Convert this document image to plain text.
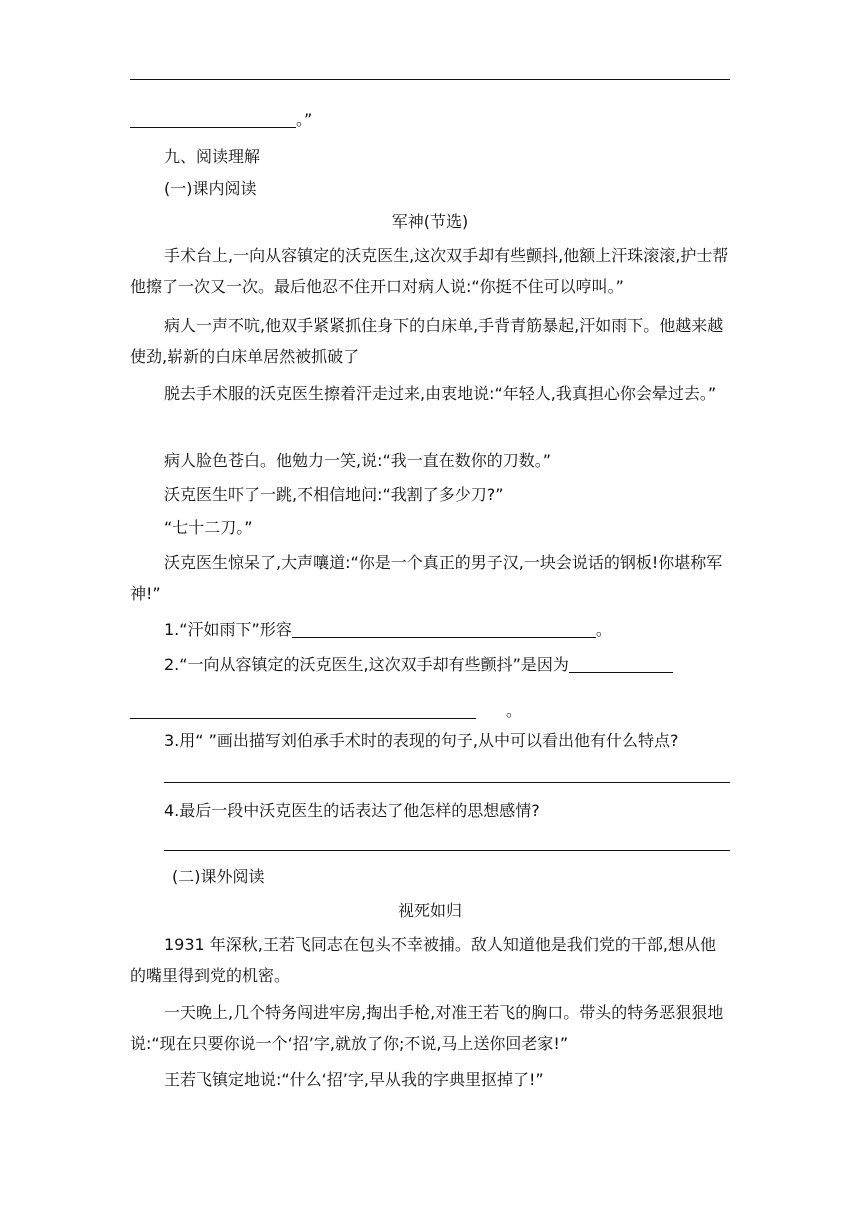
。”
九、阅读理解
(一)课内阅读
军神(节选)
手术台上,一向从容镇定的沃克医生,这次双手却有些颤抖,他额上汗珠滚滚,护士帮他擦了一次又一次。最后他忍不住开口对病人说:“你挺不住可以哼叫。”
病人一声不吭,他双手紧紧抓住身下的白床单,手背青筋暴起,汗如雨下。他越来越使劲,崭新的白床单居然被抓破了
脱去手术服的沃克医生擦着汗走过来,由衷地说:“年轻人,我真担心你会晕过去。”
病人脸色苍白。他勉力一笑,说:“我一直在数你的刀数。”
沃克医生吓了一跳,不相信地问:“我割了多少刀?”
“七十二刀。”
沃克医生惊呆了,大声嚷道:“你是一个真正的男子汉,一块会说话的钢板!你堪称军神!”
1.“汗如雨下”形容	。
2.“一向从容镇定的沃克医生,这次双手却有些颤抖”是因为
。
3.用“ ”画出描写刘伯承手术时的表现的句子,从中可以看出他有什么特点?
4.最后一段中沃克医生的话表达了他怎样的思想感情?
(二)课外阅读
视死如归
1931 年深秋,王若飞同志在包头不幸被捕。敌人知道他是我们党的干部,想从他的嘴里得到党的机密。
一天晚上,几个特务闯进牢房,掏出手枪,对准王若飞的胸口。带头的特务恶狠狠地说:“现在只要你说一个‘招’字,就放了你;不说,马上送你回老家!”
王若飞镇定地说:“什么‘招’字,早从我的字典里抠掉了!”
